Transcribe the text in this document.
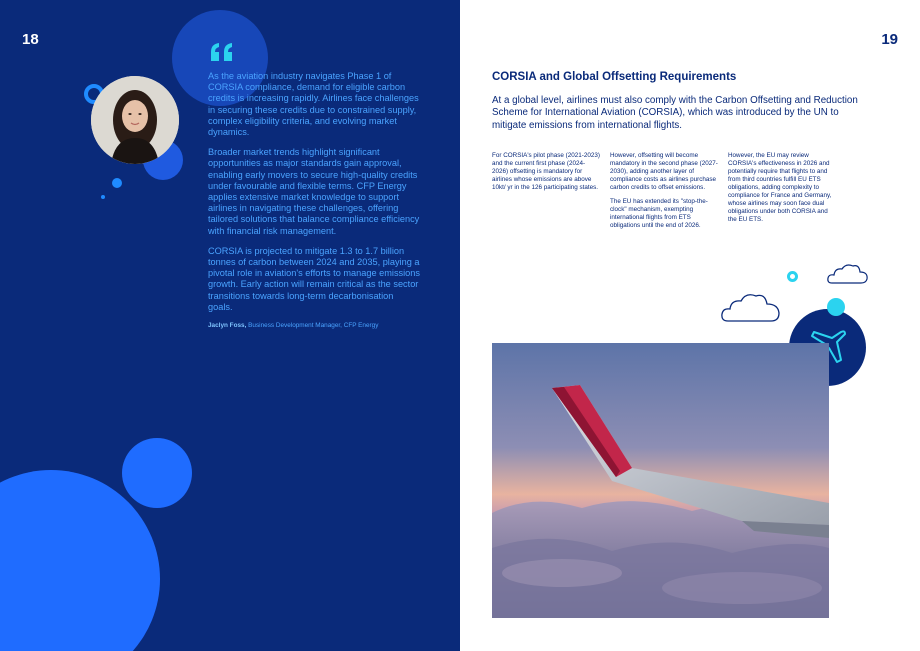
18

As the aviation industry navigates Phase 1 of CORSIA compliance, demand for eligible carbon credits is increasing rapidly. Airlines face challenges in securing these credits due to constrained supply, complex eligibility criteria, and evolving market dynamics.

Broader market trends highlight significant opportunities as major standards gain approval, enabling early movers to secure high-quality credits under favourable and flexible terms. CFP Energy applies extensive market knowledge to support airlines in navigating these challenges, offering tailored solutions that balance compliance efficiency with financial risk management.

CORSIA is projected to mitigate 1.3 to 1.7 billion tonnes of carbon between 2024 and 2035, playing a pivotal role in aviation's efforts to manage emissions growth. Early action will remain critical as the sector transitions towards long-term decarbonisation goals.

Jaclyn Foss, Business Development Manager, CFP Energy
19
CORSIA and Global Offsetting Requirements
At a global level, airlines must also comply with the Carbon Offsetting and Reduction Scheme for International Aviation (CORSIA), which was introduced by the UN to mitigate emissions from international flights.

For CORSIA's pilot phase (2021-2023) and the current first phase (2024-2026) offsetting is mandatory for airlines whose emissions are above 10kt/ yr in the 126 participating states.

However, offsetting will become mandatory in the second phase (2027-2030), adding another layer of compliance costs as airlines purchase carbon credits to offset emissions.

The EU has extended its "stop-the-clock" mechanism, exempting international flights from ETS obligations until the end of 2026.

However, the EU may review CORSIA's effectiveness in 2026 and potentially require that flights to and from third countries fulfill EU ETS obligations, adding complexity to compliance for France and Germany, whose airlines may soon face dual obligations under both CORSIA and the EU ETS.
